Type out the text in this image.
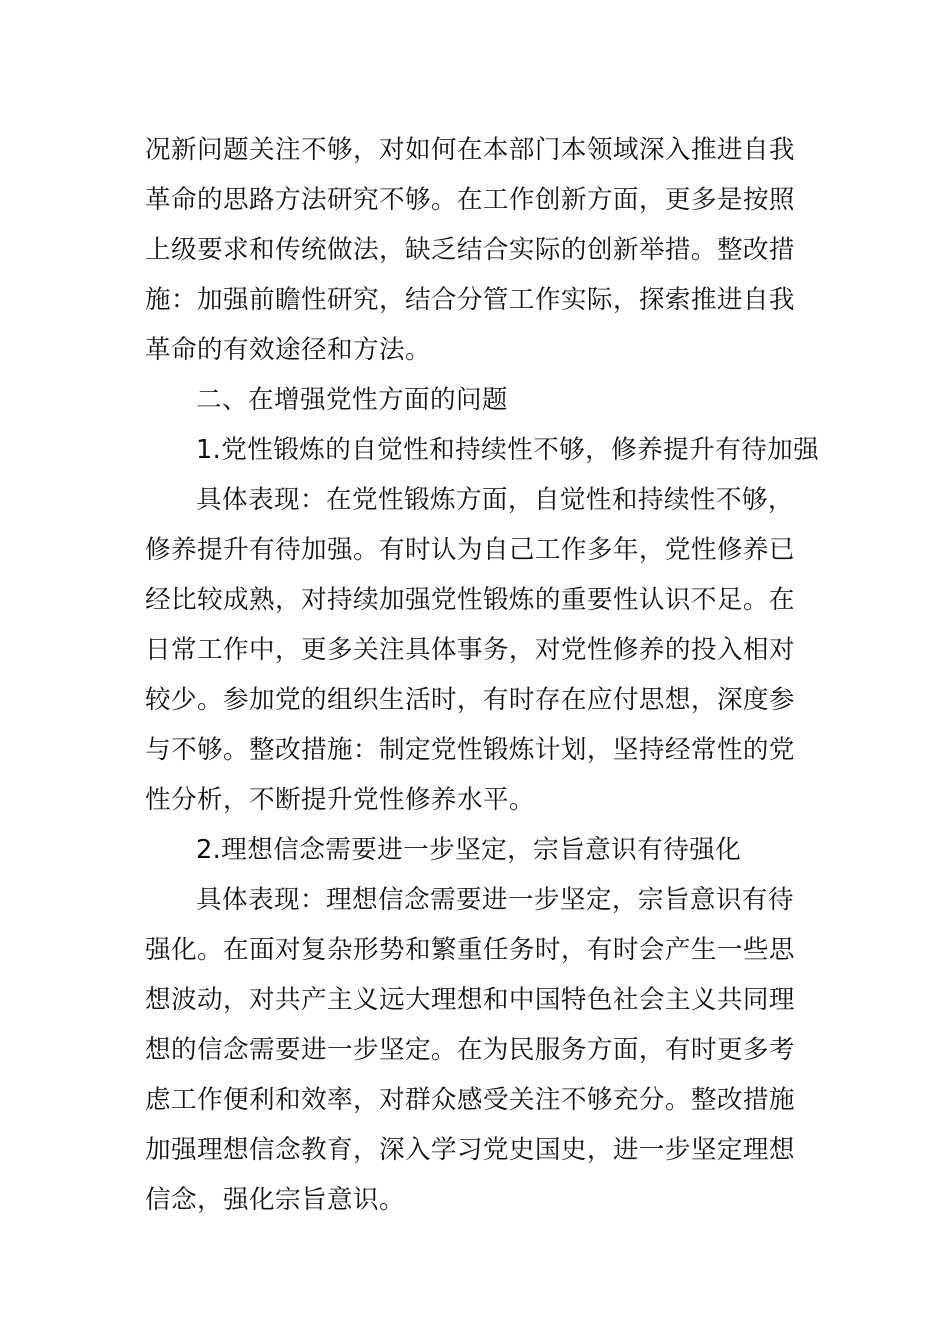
况新问题关注不够，对如何在本部门本领域深入推进自我
革命的思路方法研究不够。在工作创新方面，更多是按照
上级要求和传统做法，缺乏结合实际的创新举措。整改措
施：加强前瞻性研究，结合分管工作实际，探索推进自我
革命的有效途径和方法。
二、在增强党性方面的问题
1.党性锻炼的自觉性和持续性不够，修养提升有待加强
具体表现：在党性锻炼方面，自觉性和持续性不够，
修养提升有待加强。有时认为自己工作多年，党性修养已
经比较成熟，对持续加强党性锻炼的重要性认识不足。在
日常工作中，更多关注具体事务，对党性修养的投入相对
较少。参加党的组织生活时，有时存在应付思想，深度参
与不够。整改措施：制定党性锻炼计划，坚持经常性的党
性分析，不断提升党性修养水平。
2.理想信念需要进一步坚定，宗旨意识有待强化
具体表现：理想信念需要进一步坚定，宗旨意识有待
强化。在面对复杂形势和繁重任务时，有时会产生一些思
想波动，对共产主义远大理想和中国特色社会主义共同理
想的信念需要进一步坚定。在为民服务方面，有时更多考
虑工作便利和效率，对群众感受关注不够充分。整改措施
加强理想信念教育，深入学习党史国史，进一步坚定理想
信念，强化宗旨意识。
